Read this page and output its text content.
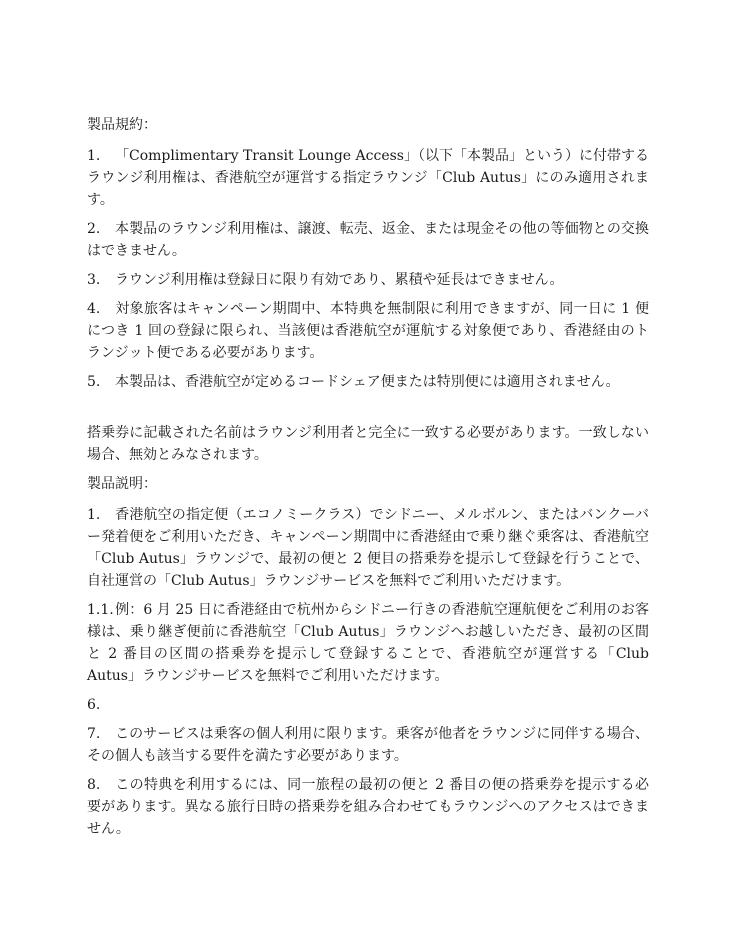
製品規約：

1. 「Complimentary Transit Lounge Access」（以下「本製品」という）に付帯するラウンジ利用権は、香港航空が運営する指定ラウンジ「Club Autus」にのみ適用されます。

2. 本製品のラウンジ利用権は、譲渡、転売、返金、または現金その他の等価物との交換はできません。

3. ラウンジ利用権は登録日に限り有効であり、累積や延長はできません。

4. 対象旅客はキャンペーン期間中、本特典を無制限に利用できますが、同一日に 1 便につき 1 回の登録に限られ、当該便は香港航空が運航する対象便であり、香港経由のトランジット便である必要があります。

5. 本製品は、香港航空が定めるコードシェア便または特別便には適用されません。

搭乗券に記載された名前はラウンジ利用者と完全に一致する必要があります。一致しない場合、無効とみなされます。

製品説明：

1. 香港航空の指定便（エコノミークラス）でシドニー、メルボルン、またはバンクーバー発着便をご利用いただき、キャンペーン期間中に香港経由で乗り継ぐ乗客は、香港航空「Club Autus」ラウンジで、最初の便と 2 便目の搭乗券を提示して登録を行うことで、自社運営の「Club Autus」ラウンジサービスを無料でご利用いただけます。

1.1.例：6 月 25 日に香港経由で杭州からシドニー行きの香港航空運航便をご利用のお客様は、乗り継ぎ便前に香港航空「Club Autus」ラウンジへお越しいただき、最初の区間と 2 番目の区間の搭乗券を提示して登録することで、香港航空が運営する「Club Autus」ラウンジサービスを無料でご利用いただけます。

6.

7. このサービスは乗客の個人利用に限ります。乗客が他者をラウンジに同伴する場合、その個人も該当する要件を満たす必要があります。

8. この特典を利用するには、同一旅程の最初の便と 2 番目の便の搭乗券を提示する必要があります。異なる旅行日時の搭乗券を組み合わせてもラウンジへのアクセスはできません。
